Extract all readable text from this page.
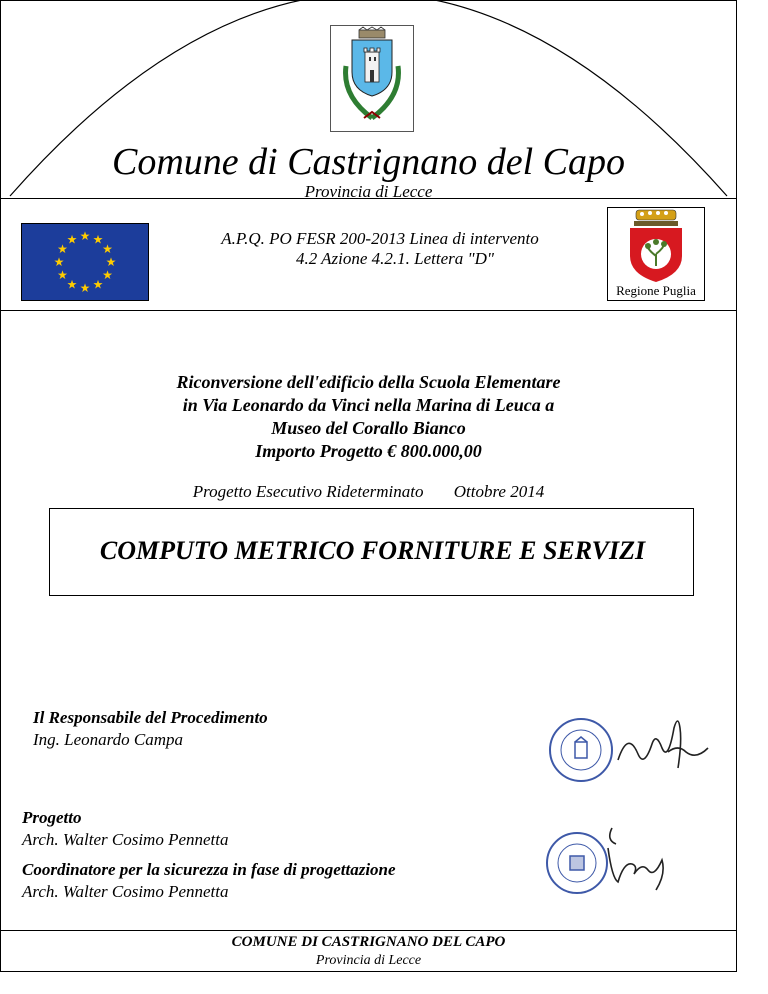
Comune di Castrignano del Capo
Provincia di Lecce
★ ★
★
★
★
★
★
★
★
★
★
★	A.P.Q. PO FESR 200-2013 Linea di intervento
4.2 Azione 4.2.1. Lettera "D"
Regione Puglia
Riconversione dell'edificio della Scuola Elementare
in Via Leonardo da Vinci nella Marina di Leuca a
Museo del Corallo Bianco
Importo Progetto € 800.000,00
Progetto Esecutivo Rideterminato Ottobre 2014
COMPUTO METRICO FORNITURE E SERVIZI
Il Responsabile del Procedimento
Ing. Leonardo Campa
Progetto
Arch. Walter Cosimo Pennetta
Coordinatore per la sicurezza in fase di progettazione
Arch. Walter Cosimo Pennetta
COMUNE DI CASTRIGNANO DEL CAPO
Provincia di Lecce
